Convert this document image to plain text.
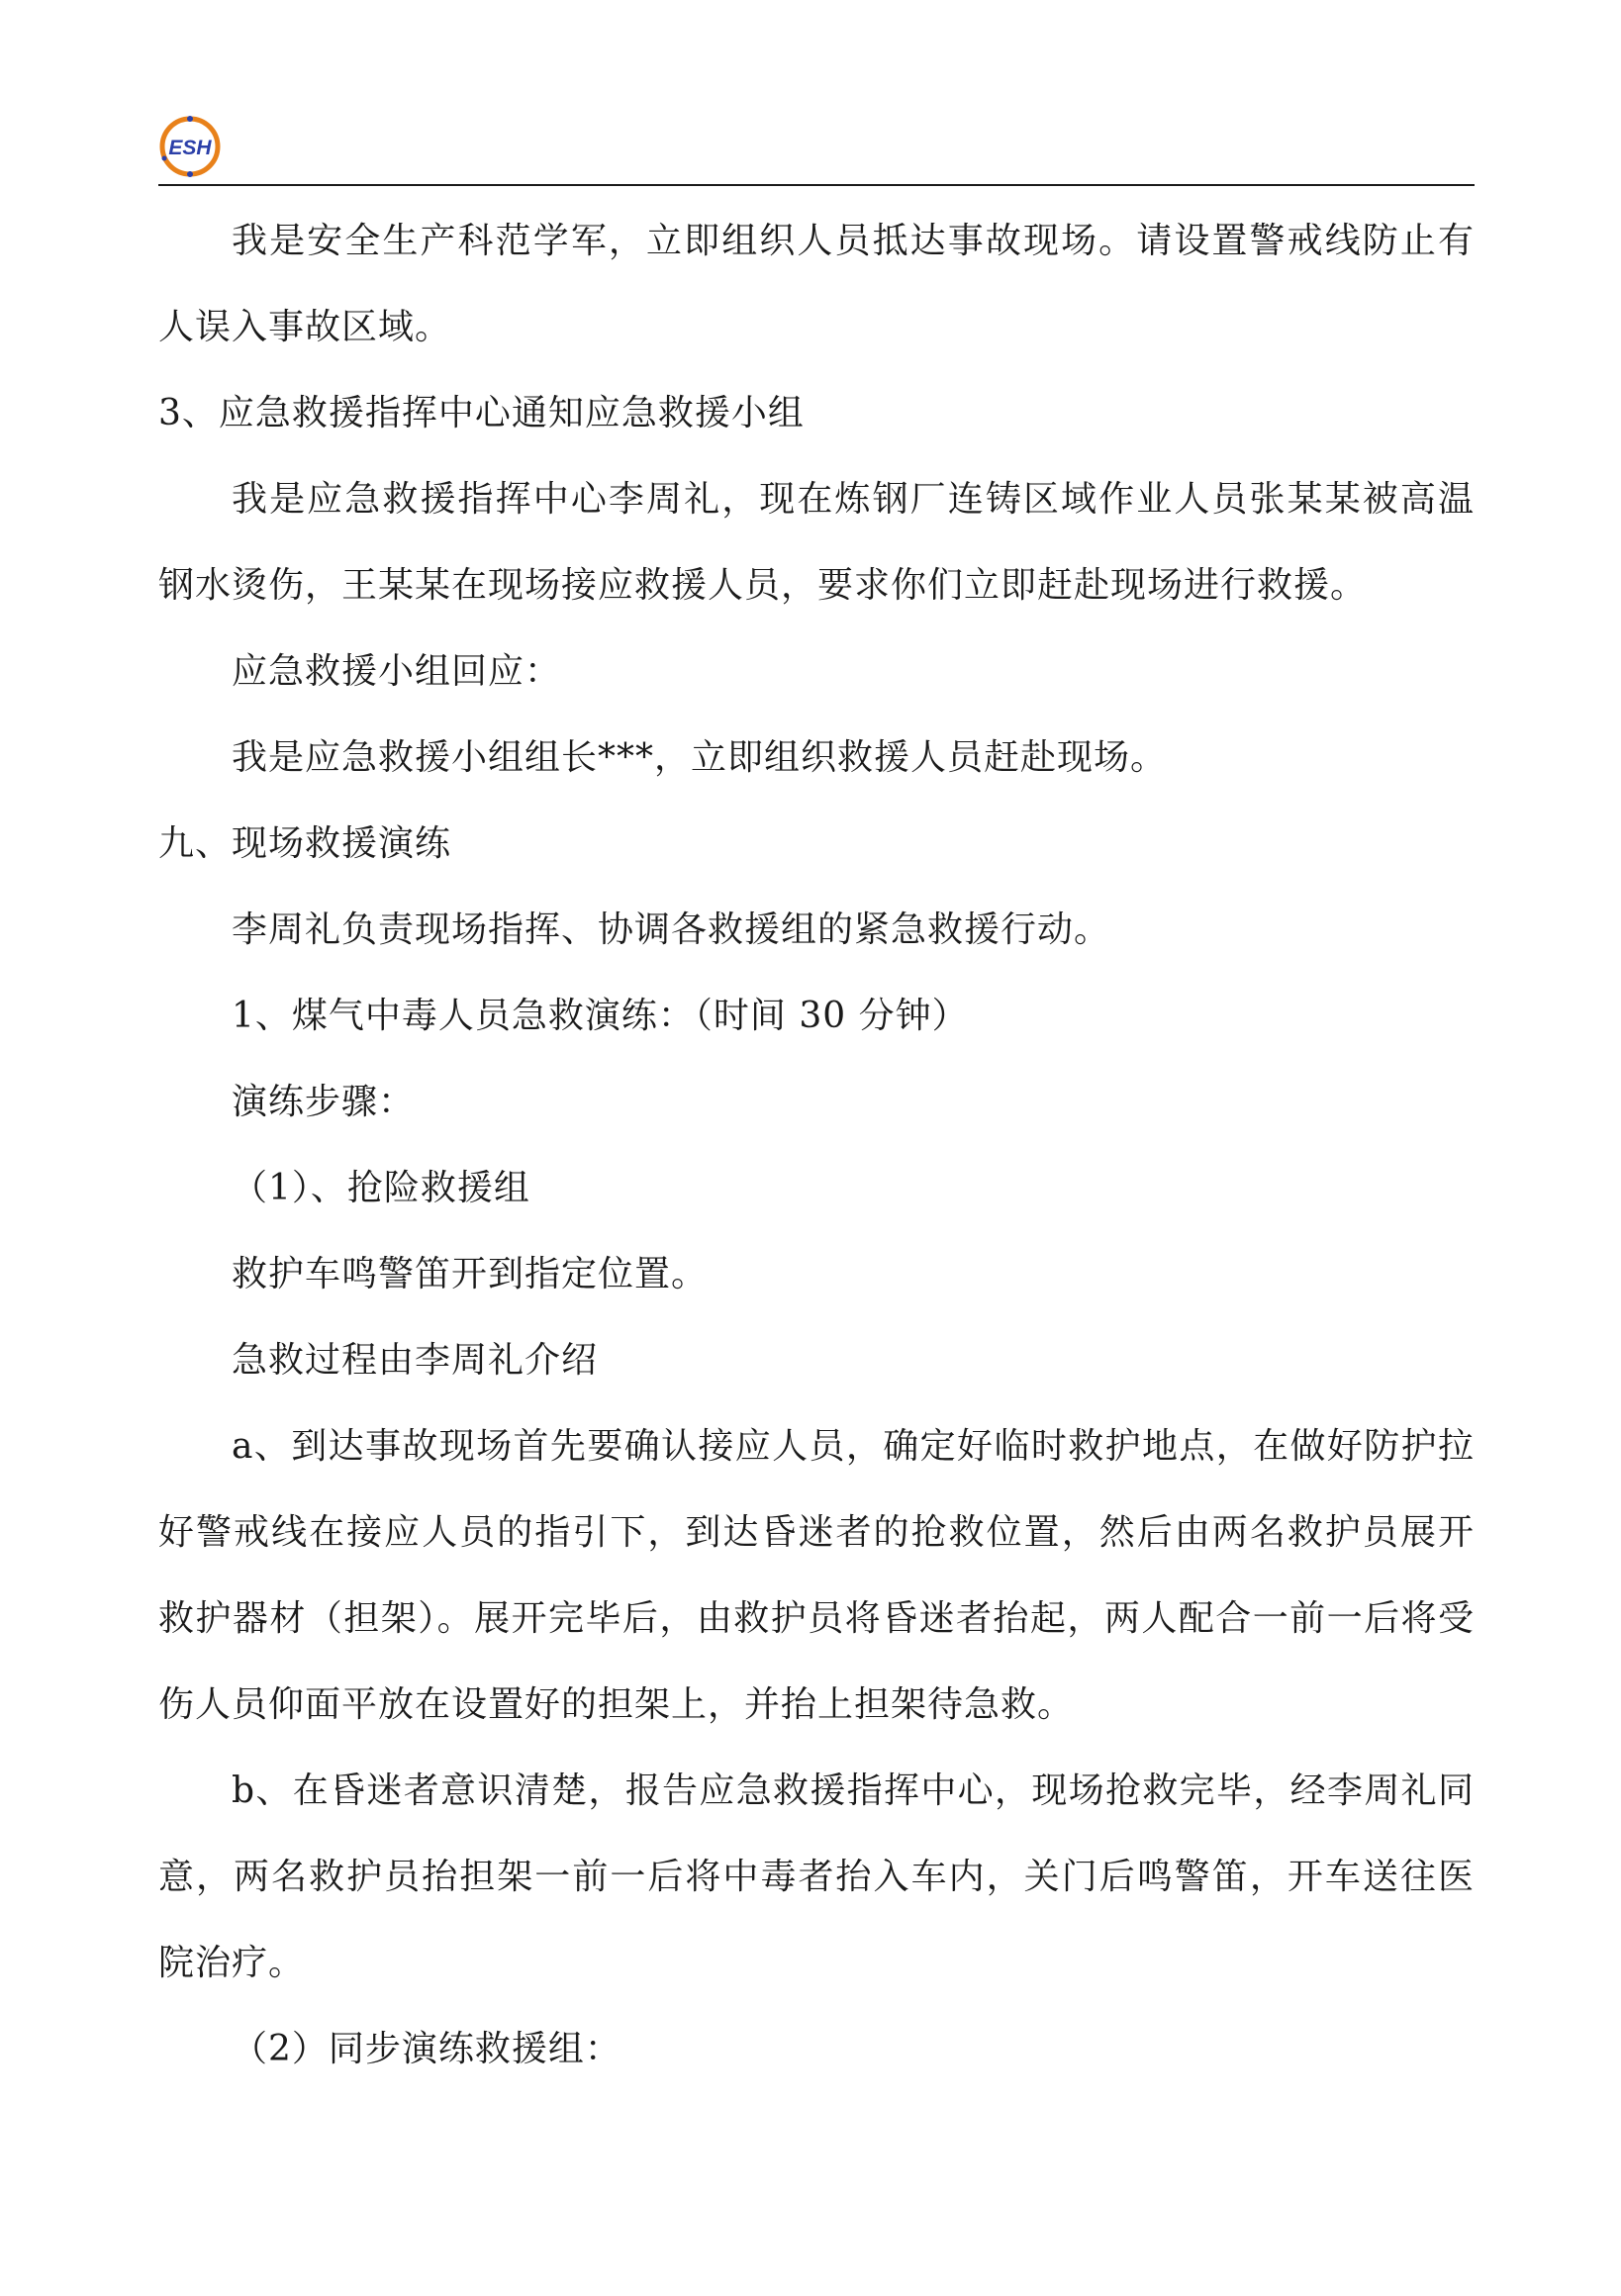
ESH

我是安全生产科范学军，立即组织人员抵达事故现场。请设置警戒线防止有人误入事故区域。

3、应急救援指挥中心通知应急救援小组

我是应急救援指挥中心李周礼，现在炼钢厂连铸区域作业人员张某某被高温钢水烫伤，王某某在现场接应救援人员，要求你们立即赶赴现场进行救援。

应急救援小组回应：

我是应急救援小组组长***，立即组织救援人员赶赴现场。

九、现场救援演练

李周礼负责现场指挥、协调各救援组的紧急救援行动。

1、煤气中毒人员急救演练：（时间 30 分钟）

演练步骤：

（1）、抢险救援组

救护车鸣警笛开到指定位置。

急救过程由李周礼介绍

a、到达事故现场首先要确认接应人员，确定好临时救护地点，在做好防护拉好警戒线在接应人员的指引下，到达昏迷者的抢救位置，然后由两名救护员展开救护器材（担架）。展开完毕后，由救护员将昏迷者抬起，两人配合一前一后将受伤人员仰面平放在设置好的担架上，并抬上担架待急救。

b、在昏迷者意识清楚，报告应急救援指挥中心，现场抢救完毕，经李周礼同意，两名救护员抬担架一前一后将中毒者抬入车内，关门后鸣警笛，开车送往医院治疗。

（2）同步演练救援组：
